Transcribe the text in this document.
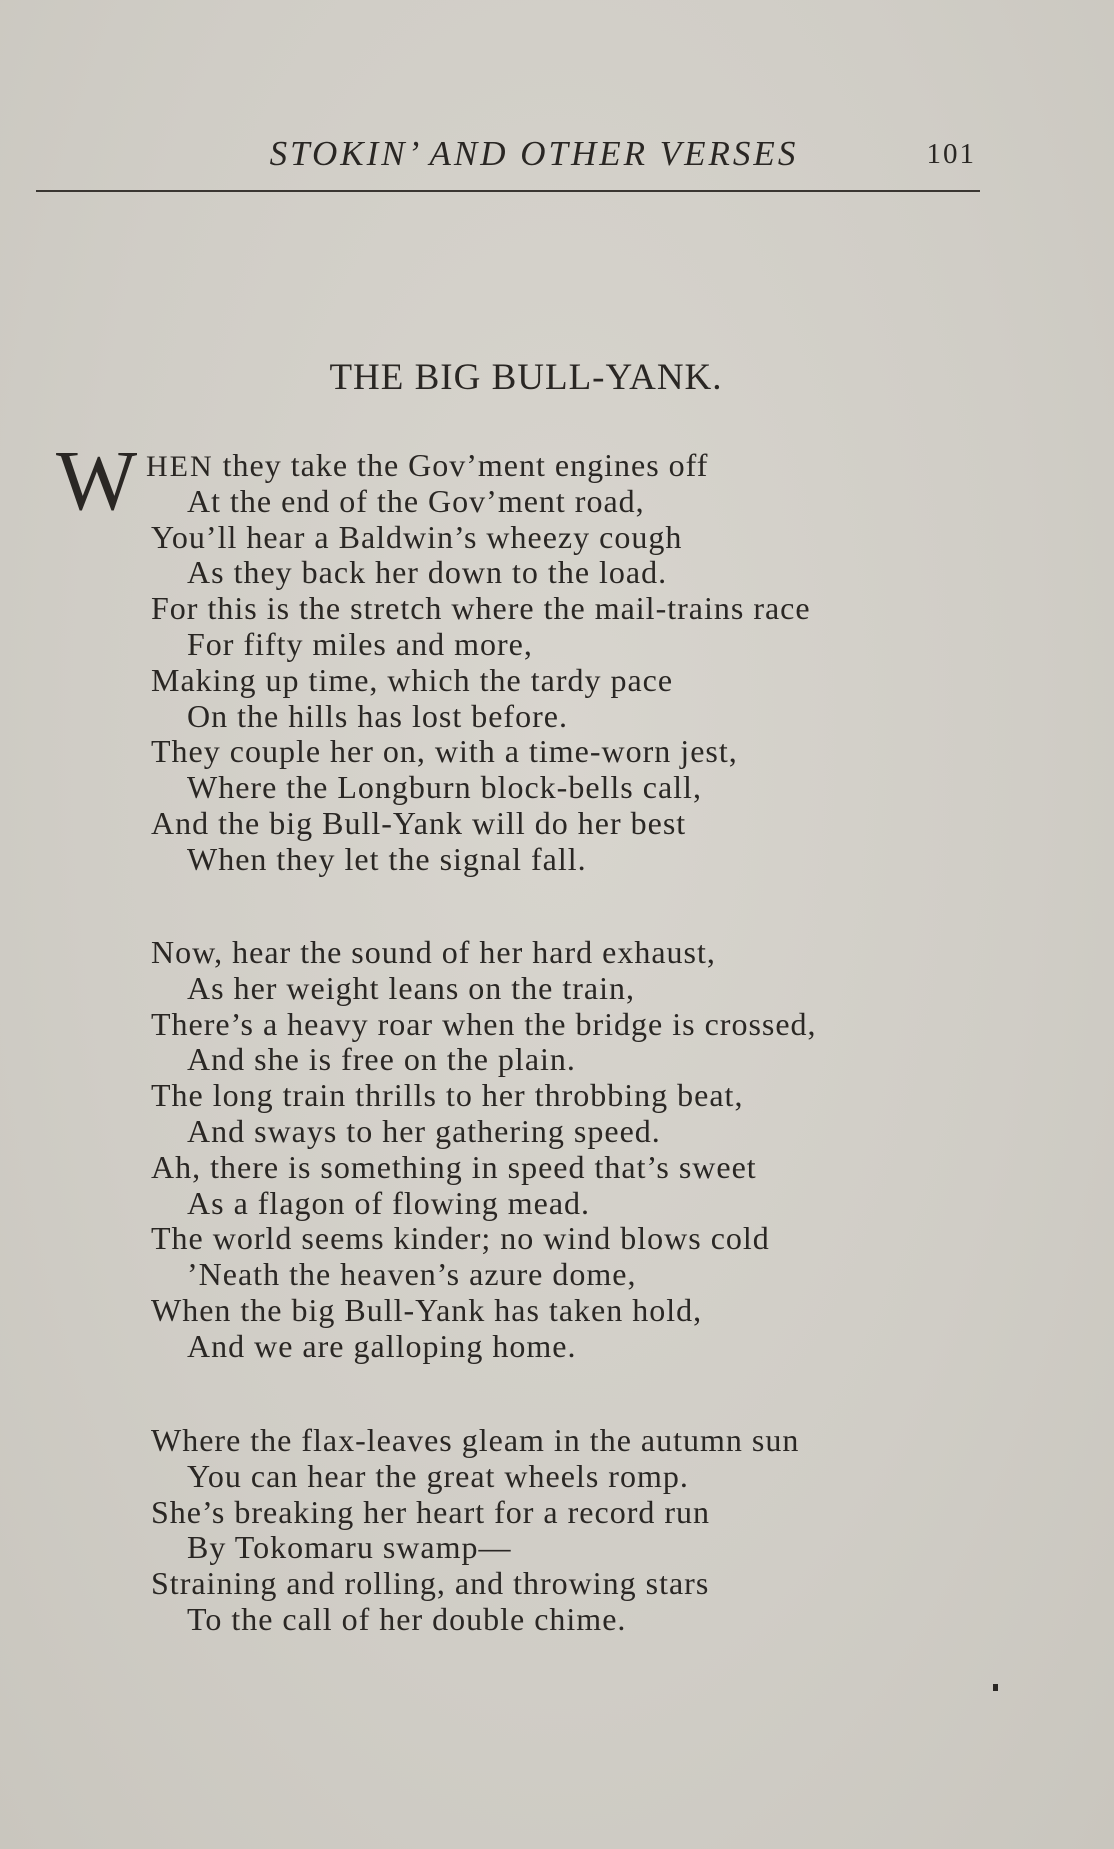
STOKIN’ AND OTHER VERSES	101
THE BIG BULL-YANK.
W HEN they take the Gov’ment engines off
At the end of the Gov’ment road,
You’ll hear a Baldwin’s wheezy cough
As they back her down to the load.
For this is the stretch where the mail-trains race
For fifty miles and more,
Making up time, which the tardy pace
On the hills has lost before.
They couple her on, with a time-worn jest,
Where the Longburn block-bells call,
And the big Bull-Yank will do her best
When they let the signal fall.
Now, hear the sound of her hard exhaust,
As her weight leans on the train,
There’s a heavy roar when the bridge is crossed,
And she is free on the plain.
The long train thrills to her throbbing beat,
And sways to her gathering speed.
Ah, there is something in speed that’s sweet
As a flagon of flowing mead.
The world seems kinder; no wind blows cold
’Neath the heaven’s azure dome,
When the big Bull-Yank has taken hold,
And we are galloping home.
Where the flax-leaves gleam in the autumn sun
You can hear the great wheels romp.
She’s breaking her heart for a record run
By Tokomaru swamp—
Straining and rolling, and throwing stars
To the call of her double chime.
